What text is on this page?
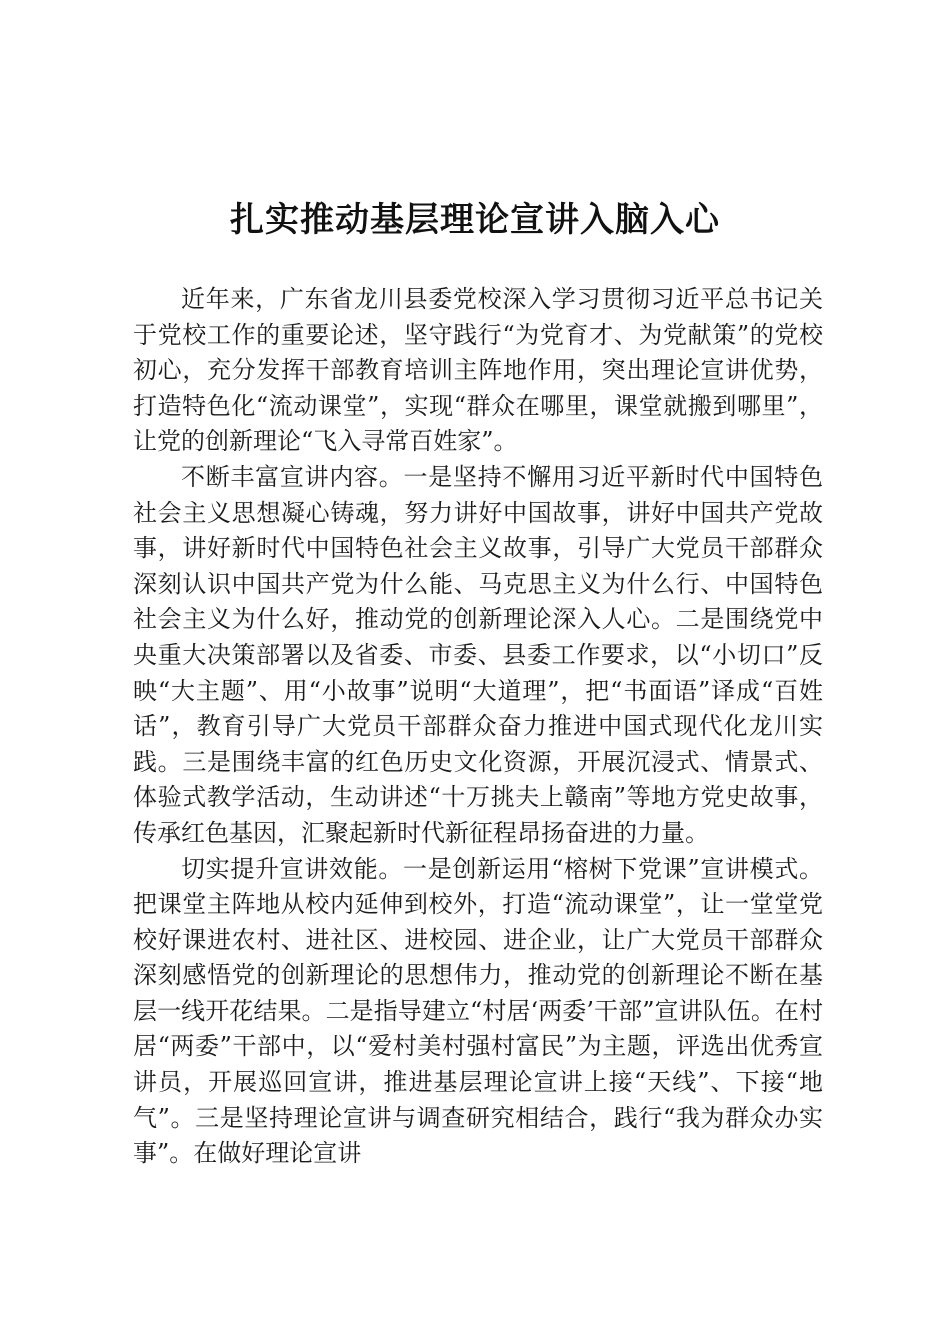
扎实推动基层理论宣讲入脑入心

近年来，广东省龙川县委党校深入学习贯彻习近平总书记关于党校工作的重要论述，坚守践行“为党育才、为党献策”的党校初心，充分发挥干部教育培训主阵地作用，突出理论宣讲优势，打造特色化“流动课堂”，实现“群众在哪里，课堂就搬到哪里”，让党的创新理论“飞入寻常百姓家”。

不断丰富宣讲内容。一是坚持不懈用习近平新时代中国特色社会主义思想凝心铸魂，努力讲好中国故事，讲好中国共产党故事，讲好新时代中国特色社会主义故事，引导广大党员干部群众深刻认识中国共产党为什么能、马克思主义为什么行、中国特色社会主义为什么好，推动党的创新理论深入人心。二是围绕党中央重大决策部署以及省委、市委、县委工作要求，以“小切口”反映“大主题”、用“小故事”说明“大道理”，把“书面语”译成“百姓话”，教育引导广大党员干部群众奋力推进中国式现代化龙川实践。三是围绕丰富的红色历史文化资源，开展沉浸式、情景式、体验式教学活动，生动讲述“十万挑夫上赣南”等地方党史故事，传承红色基因，汇聚起新时代新征程昂扬奋进的力量。

切实提升宣讲效能。一是创新运用“榕树下党课”宣讲模式。把课堂主阵地从校内延伸到校外，打造“流动课堂”，让一堂堂党校好课进农村、进社区、进校园、进企业，让广大党员干部群众深刻感悟党的创新理论的思想伟力，推动党的创新理论不断在基层一线开花结果。二是指导建立“村居‘两委’干部”宣讲队伍。在村居“两委”干部中，以“爱村美村强村富民”为主题，评选出优秀宣讲员，开展巡回宣讲，推进基层理论宣讲上接“天线”、下接“地气”。三是坚持理论宣讲与调查研究相结合，践行“我为群众办实事”。在做好理论宣讲
